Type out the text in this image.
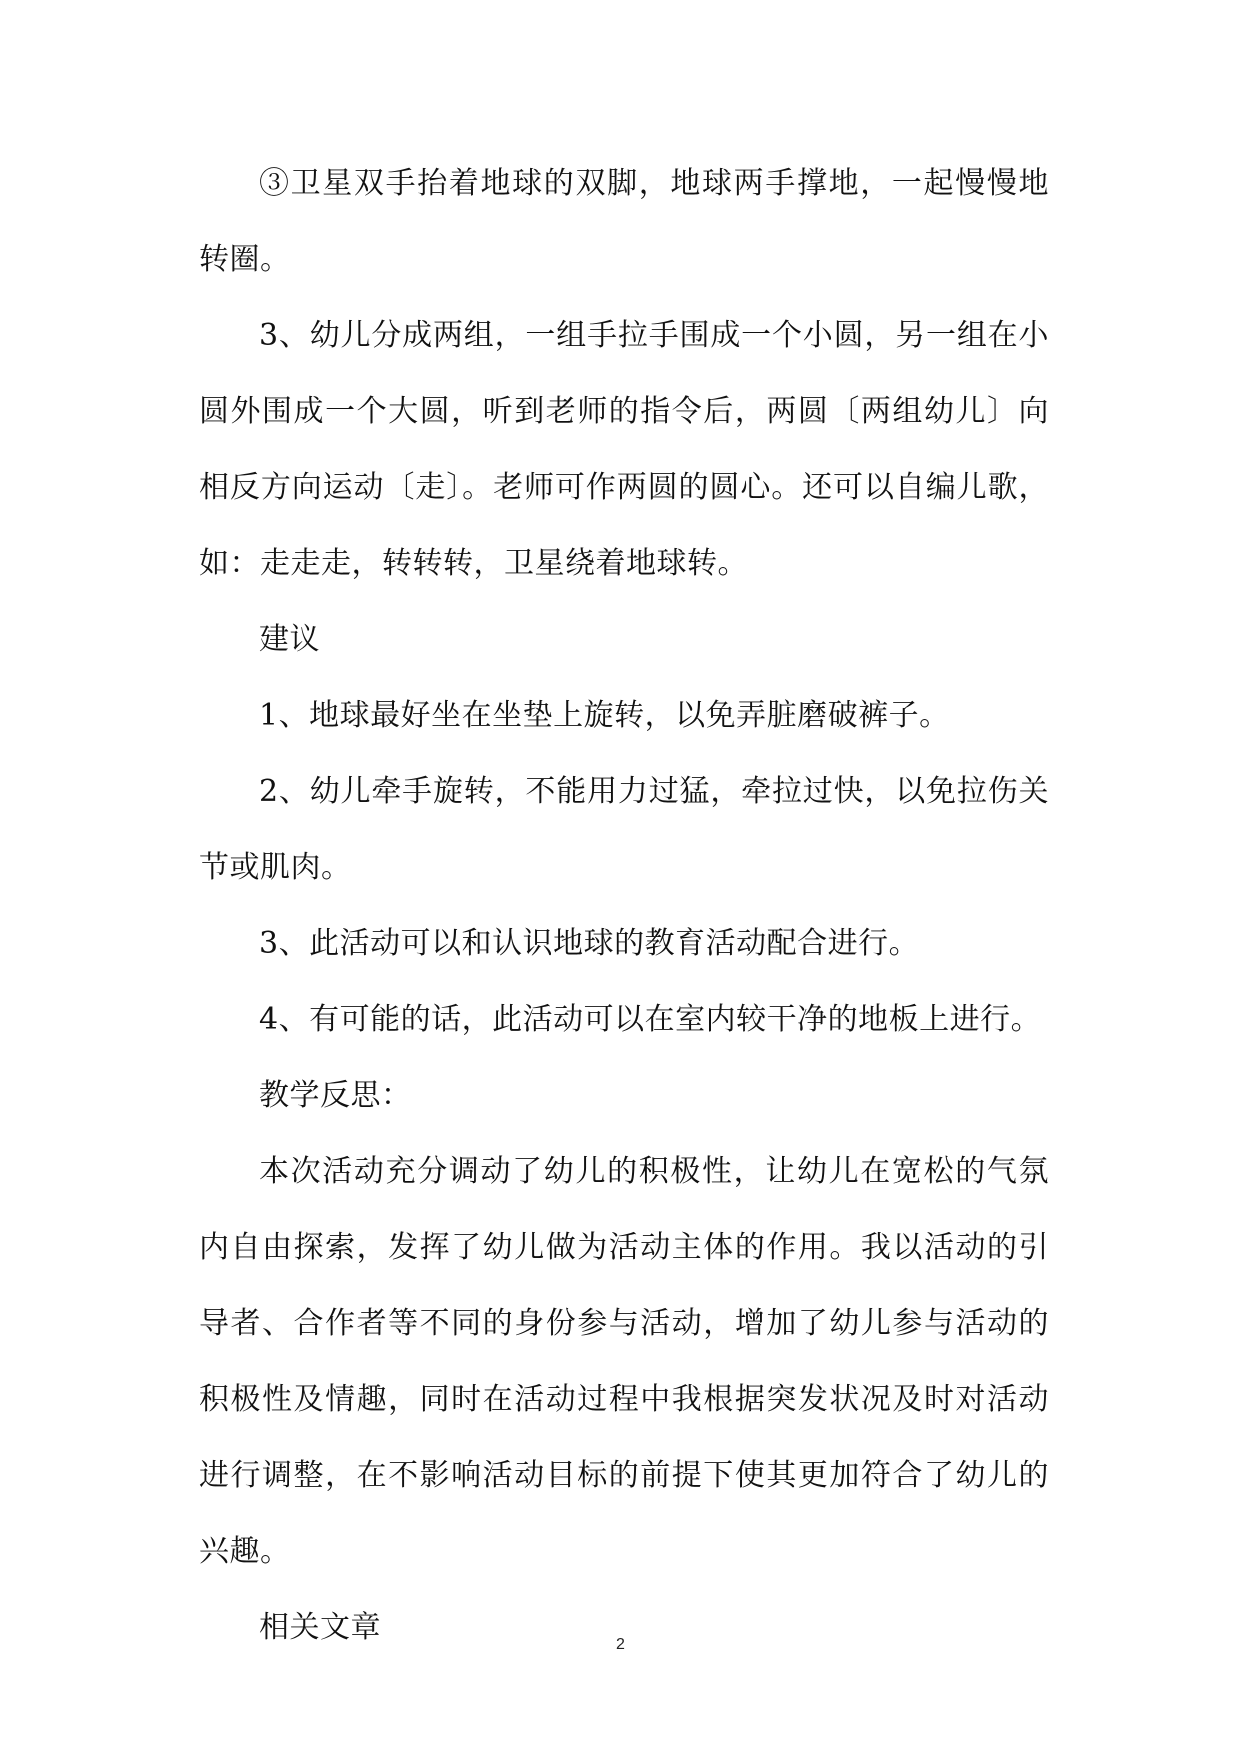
③卫星双手抬着地球的双脚，地球两手撑地，一起慢慢地转圈。

3、幼儿分成两组，一组手拉手围成一个小圆，另一组在小圆外围成一个大圆，听到老师的指令后，两圆〔两组幼儿〕向相反方向运动〔走〕。老师可作两圆的圆心。还可以自编儿歌，如：走走走，转转转，卫星绕着地球转。

建议

1、地球最好坐在坐垫上旋转，以免弄脏磨破裤子。

2、幼儿牵手旋转，不能用力过猛，牵拉过快，以免拉伤关节或肌肉。

3、此活动可以和认识地球的教育活动配合进行。

4、有可能的话，此活动可以在室内较干净的地板上进行。

教学反思：

本次活动充分调动了幼儿的积极性，让幼儿在宽松的气氛内自由探索，发挥了幼儿做为活动主体的作用。我以活动的引导者、合作者等不同的身份参与活动，增加了幼儿参与活动的积极性及情趣，同时在活动过程中我根据突发状况及时对活动进行调整，在不影响活动目标的前提下使其更加符合了幼儿的兴趣。

相关文章	2
